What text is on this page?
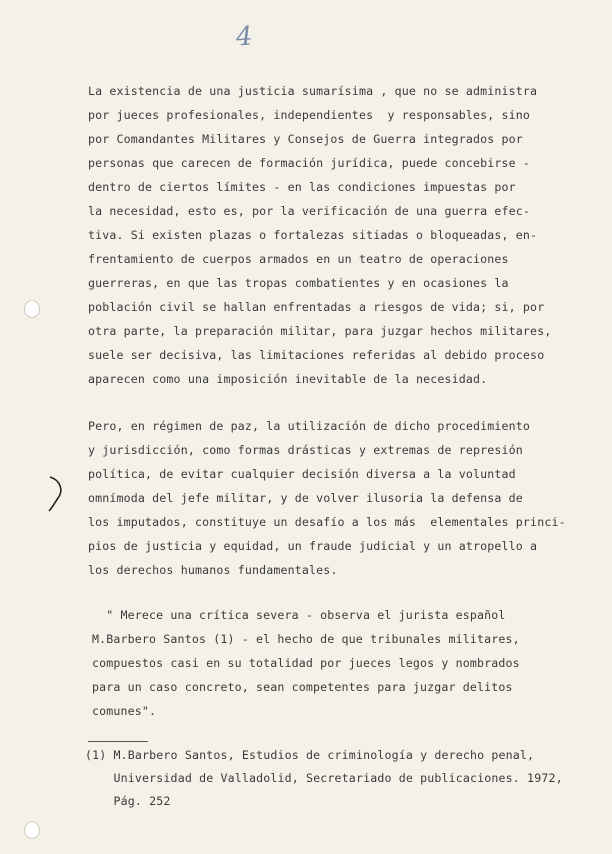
4
La existencia de una justicia sumarísima , que no se administra
por jueces profesionales, independientes  y responsables, sino
por Comandantes Militares y Consejos de Guerra integrados por
personas que carecen de formación jurídica, puede concebirse -
dentro de ciertos límites - en las condiciones impuestas por
la necesidad, esto es, por la verificación de una guerra efec-
tiva. Si existen plazas o fortalezas sitiadas o bloqueadas, en-
frentamiento de cuerpos armados en un teatro de operaciones
guerreras, en que las tropas combatientes y en ocasiones la
población civil se hallan enfrentadas a riesgos de vida; si, por
otra parte, la preparación militar, para juzgar hechos militares,
suele ser decisiva, las limitaciones referidas al debido proceso
aparecen como una imposición inevitable de la necesidad.
Pero, en régimen de paz, la utilización de dicho procedimiento
y jurisdicción, como formas drásticas y extremas de represión
política, de evitar cualquier decisión diversa a la voluntad
omnímoda del jefe militar, y de volver ilusoria la defensa de
los imputados, constituye un desafío a los más  elementales princi-
pios de justicia y equidad, un fraude judicial y un atropello a
los derechos humanos fundamentales.
" Merece una crítica severa - observa el jurista español
M.Barbero Santos (1) - el hecho de que tribunales militares,
compuestos casi en su totalidad por jueces legos y nombrados
para un caso concreto, sean competentes para juzgar delitos
comunes".
(1) M.Barbero Santos, Estudios de criminología y derecho penal,
Universidad de Valladolid, Secretariado de publicaciones. 1972,
Pág. 252
